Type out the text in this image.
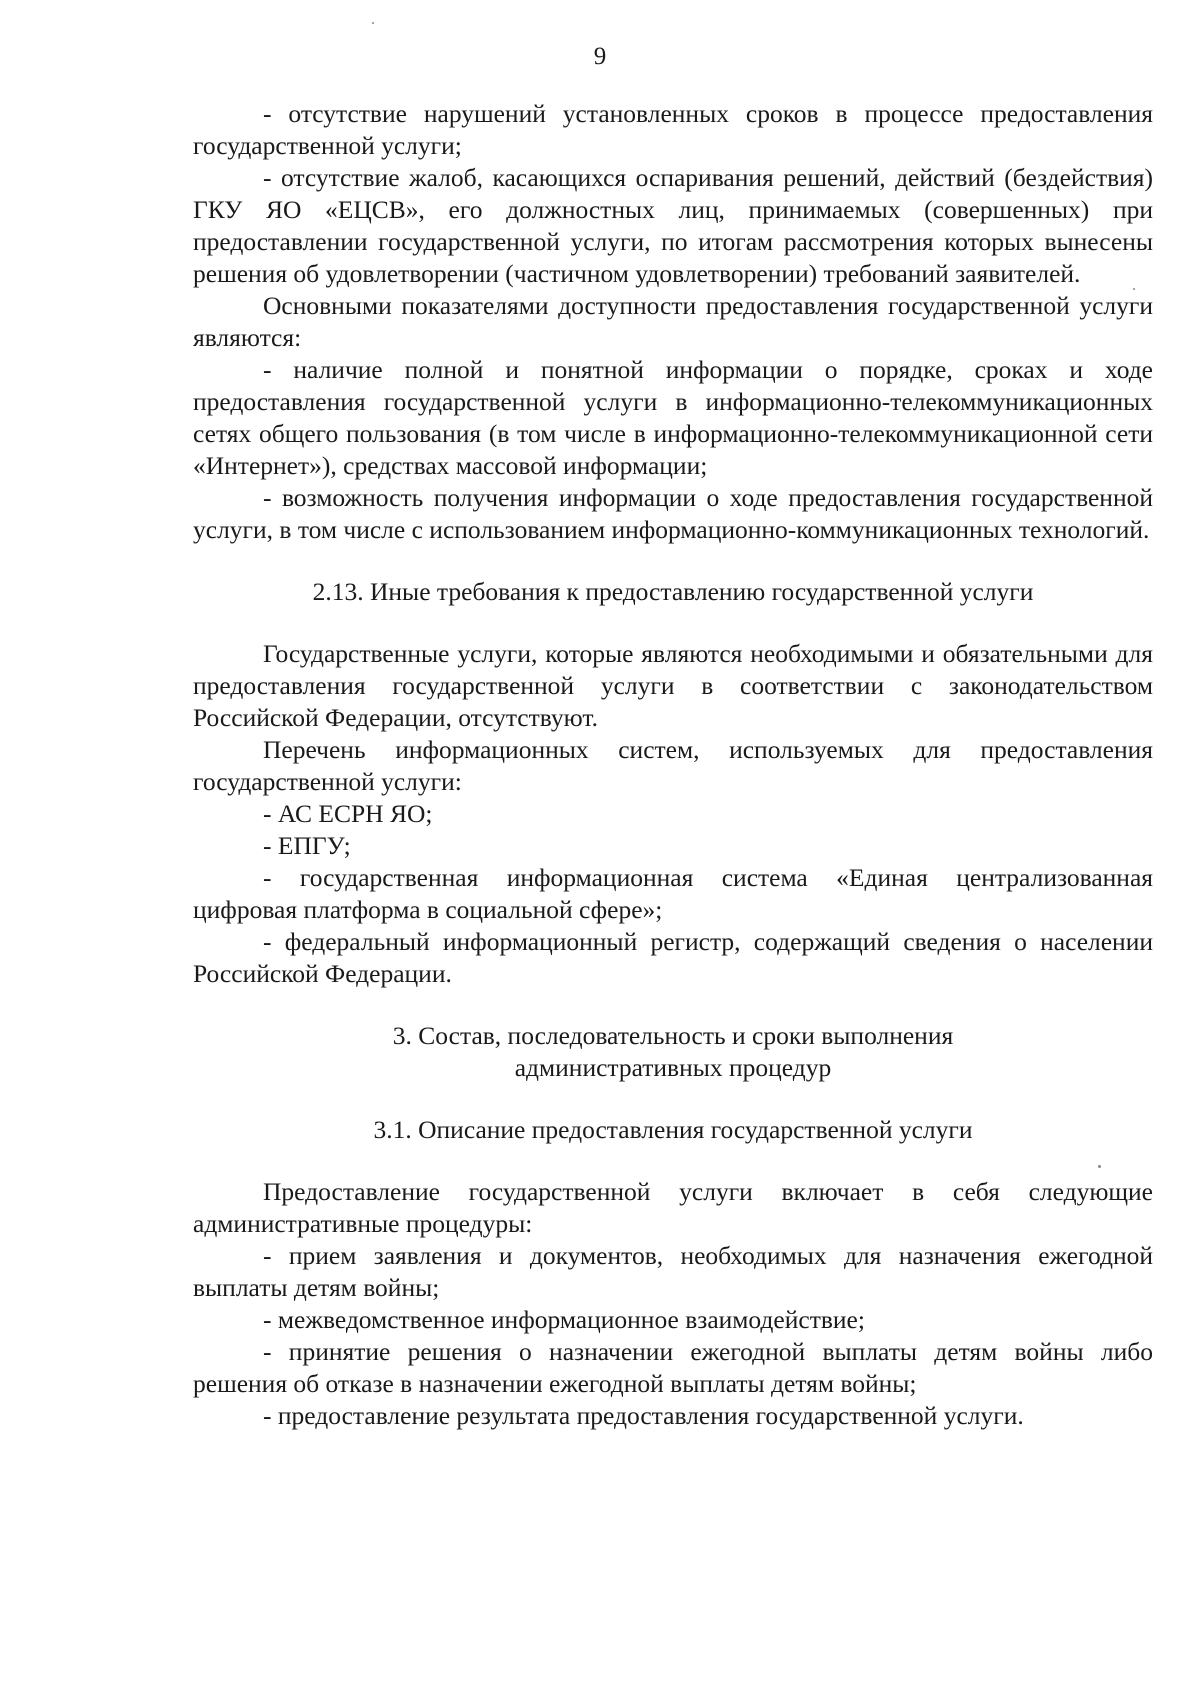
9

- отсутствие нарушений установленных сроков в процессе предоставления государственной услуги;

- отсутствие жалоб, касающихся оспаривания решений, действий (бездействия) ГКУ ЯО «ЕЦСВ», его должностных лиц, принимаемых (совершенных) при предоставлении государственной услуги, по итогам рассмотрения которых вынесены решения об удовлетворении (частичном удовлетворении) требований заявителей.

Основными показателями доступности предоставления государственной услуги являются:

- наличие полной и понятной информации о порядке, сроках и ходе предоставления государственной услуги в информационно-телекоммуникационных сетях общего пользования (в том числе в информационно-телекоммуникационной сети «Интернет»), средствах массовой информации;

- возможность получения информации о ходе предоставления государственной услуги, в том числе с использованием информационно-коммуникационных технологий.

2.13. Иные требования к предоставлению государственной услуги

Государственные услуги, которые являются необходимыми и обязательными для предоставления государственной услуги в соответствии с законодательством Российской Федерации, отсутствуют.

Перечень информационных систем, используемых для предоставления государственной услуги:

- АС ЕСРН ЯО;

- ЕПГУ;

- государственная информационная система «Единая централизованная цифровая платформа в социальной сфере»;

- федеральный информационный регистр, содержащий сведения о населении Российской Федерации.

3. Состав, последовательность и сроки выполнения

административных процедур

3.1. Описание предоставления государственной услуги

Предоставление государственной услуги включает в себя следующие административные процедуры:

- прием заявления и документов, необходимых для назначения ежегодной выплаты детям войны;

- межведомственное информационное взаимодействие;

- принятие решения о назначении ежегодной выплаты детям войны либо решения об отказе в назначении ежегодной выплаты детям войны;

- предоставление результата предоставления государственной услуги.
